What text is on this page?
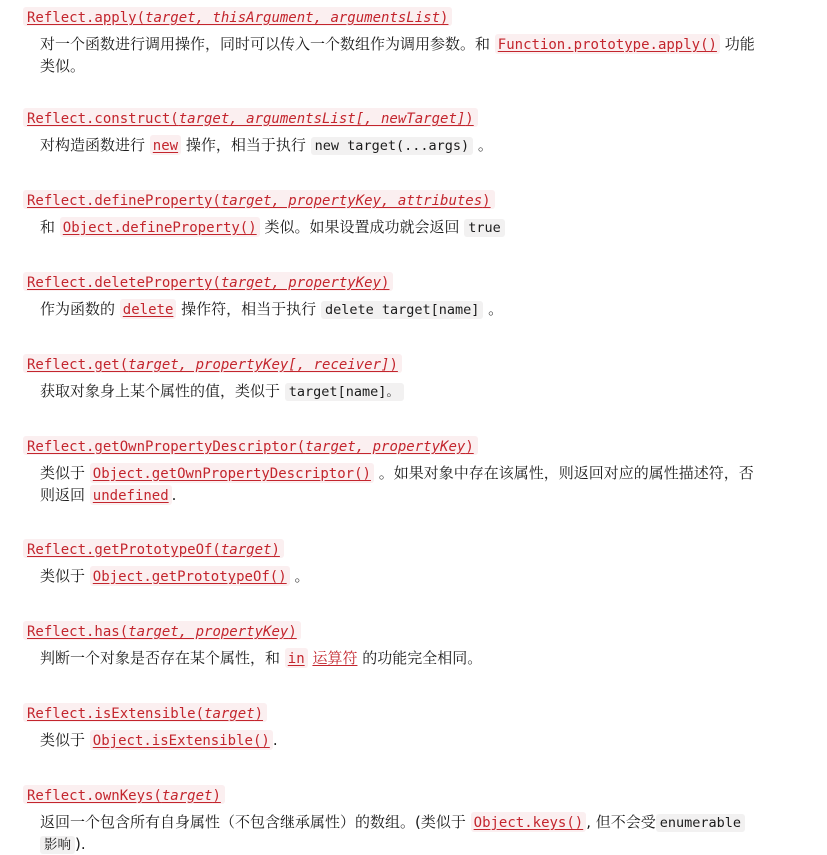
Reflect.apply(target, thisArgument, argumentsList)
对一个函数进行调用操作，同时可以传入一个数组作为调用参数。和 Function.prototype.apply() 功能
类似。
Reflect.construct(target, argumentsList[, newTarget])
对构造函数进行 new 操作，相当于执行 new target(...args) 。
Reflect.defineProperty(target, propertyKey, attributes)
和 Object.defineProperty() 类似。如果设置成功就会返回 true
Reflect.deleteProperty(target, propertyKey)
作为函数的 delete 操作符，相当于执行 delete target[name] 。
Reflect.get(target, propertyKey[, receiver])
获取对象身上某个属性的值，类似于 target[name]。
Reflect.getOwnPropertyDescriptor(target, propertyKey)
类似于 Object.getOwnPropertyDescriptor() 。如果对象中存在该属性，则返回对应的属性描述符，否
则返回 undefined .
Reflect.getPrototypeOf(target)
类似于 Object.getPrototypeOf() 。
Reflect.has(target, propertyKey)
判断一个对象是否存在某个属性，和 in 运算符 的功能完全相同。
Reflect.isExtensible(target)
类似于 Object.isExtensible() .
Reflect.ownKeys(target)
返回一个包含所有自身属性（不包含继承属性）的数组。(类似于 Object.keys() , 但不会受 enumerable
影响 ).
